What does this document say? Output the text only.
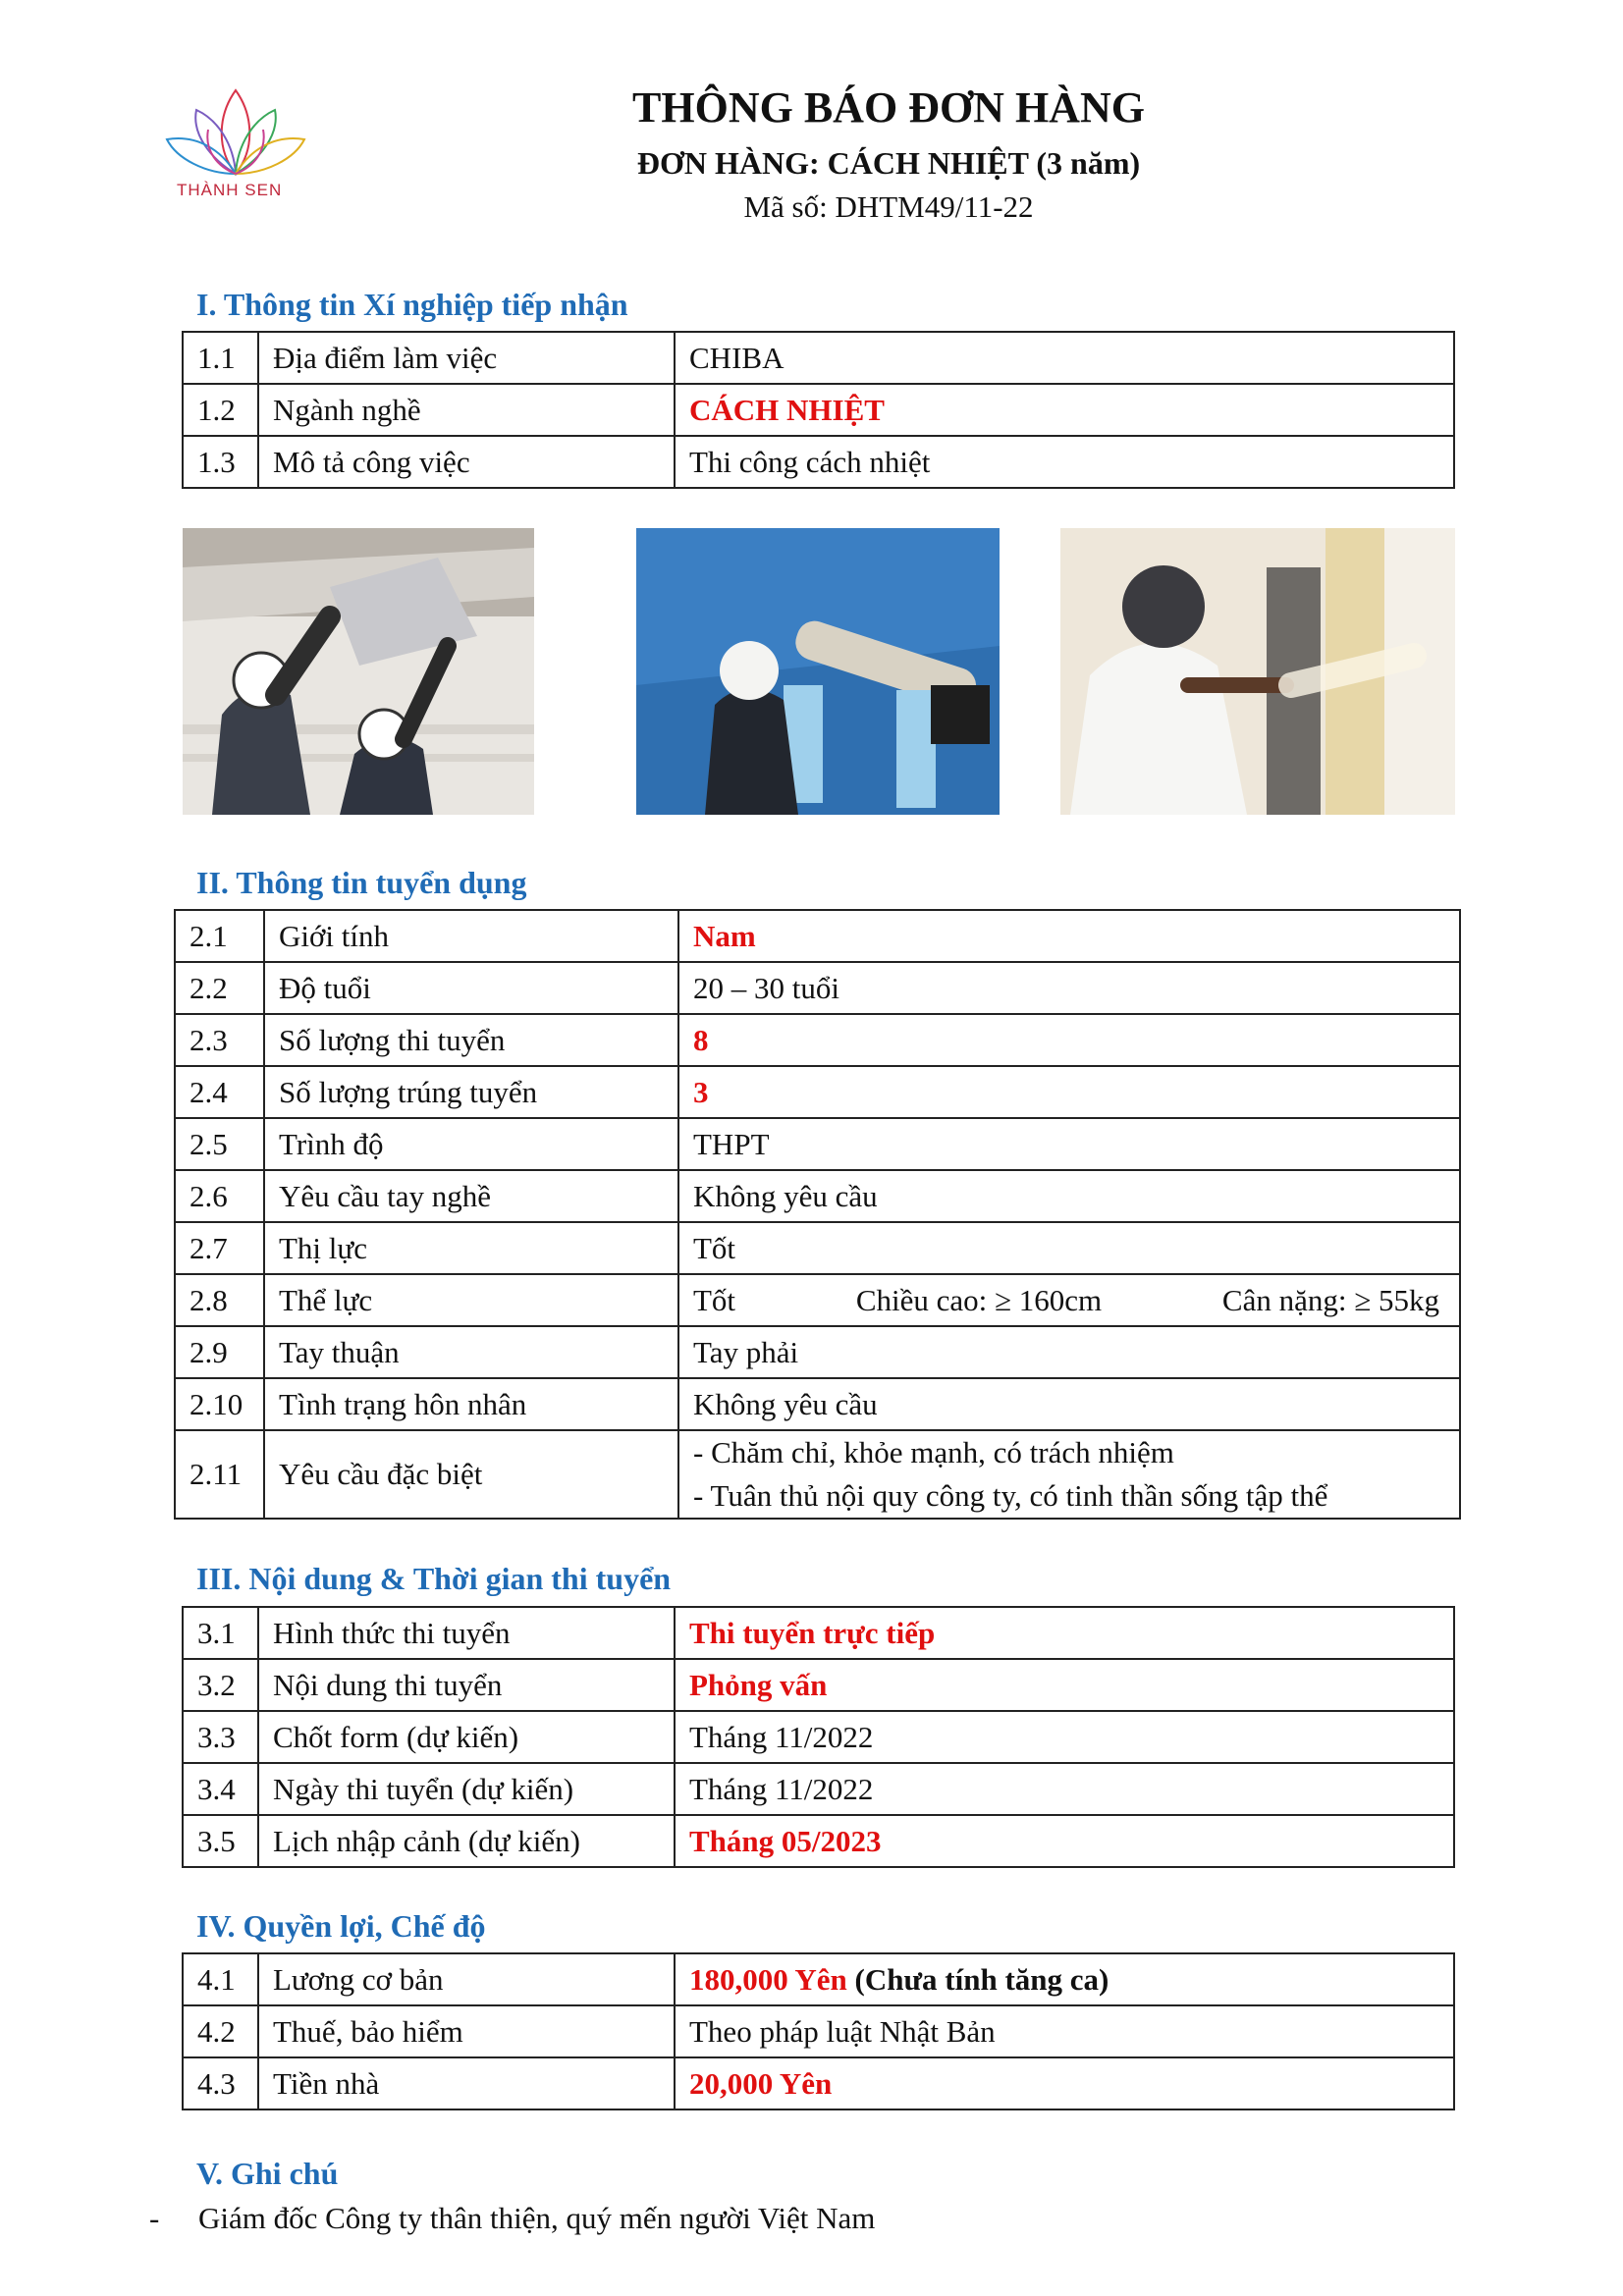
THÀNH SEN
THÔNG BÁO ĐƠN HÀNG
ĐƠN HÀNG: CÁCH NHIỆT (3 năm)
Mã số: DHTM49/11-22
I. Thông tin Xí nghiệp tiếp nhận
1.1	Địa điểm làm việc	CHIBA
1.2	Ngành nghề	CÁCH NHIỆT
1.3	Mô tả công việc	Thi công cách nhiệt
II. Thông tin tuyển dụng
2.1	Giới tính	Nam
2.2	Độ tuổi	20 – 30 tuổi
2.3	Số lượng thi tuyển	8
2.4	Số lượng trúng tuyển	3
2.5	Trình độ	THPT
2.6	Yêu cầu tay nghề	Không yêu cầu
2.7	Thị lực	Tốt
2.8	Thể lực	Tốt Chiều cao: ≥ 160cm Cân nặng: ≥ 55kg

2.9	Tay thuận	Tay phải
2.10	Tình trạng hôn nhân	Không yêu cầu
2.11	Yêu cầu đặc biệt	- Chăm chỉ, khỏe mạnh, có trách nhiệm
- Tuân thủ nội quy công ty, có tinh thần sống tập thể
III. Nội dung & Thời gian thi tuyển
3.1	Hình thức thi tuyển	Thi tuyển trực tiếp
3.2	Nội dung thi tuyển	Phỏng vấn
3.3	Chốt form (dự kiến)	Tháng 11/2022
3.4	Ngày thi tuyển (dự kiến)	Tháng 11/2022
3.5	Lịch nhập cảnh (dự kiến)	Tháng 05/2023
IV. Quyền lợi, Chế độ
4.1	Lương cơ bản	180,000 Yên (Chưa tính tăng ca)
4.2	Thuế, bảo hiểm	Theo pháp luật Nhật Bản
4.3	Tiền nhà	20,000 Yên
V. Ghi chú
- Giám đốc Công ty thân thiện, quý mến người Việt Nam
